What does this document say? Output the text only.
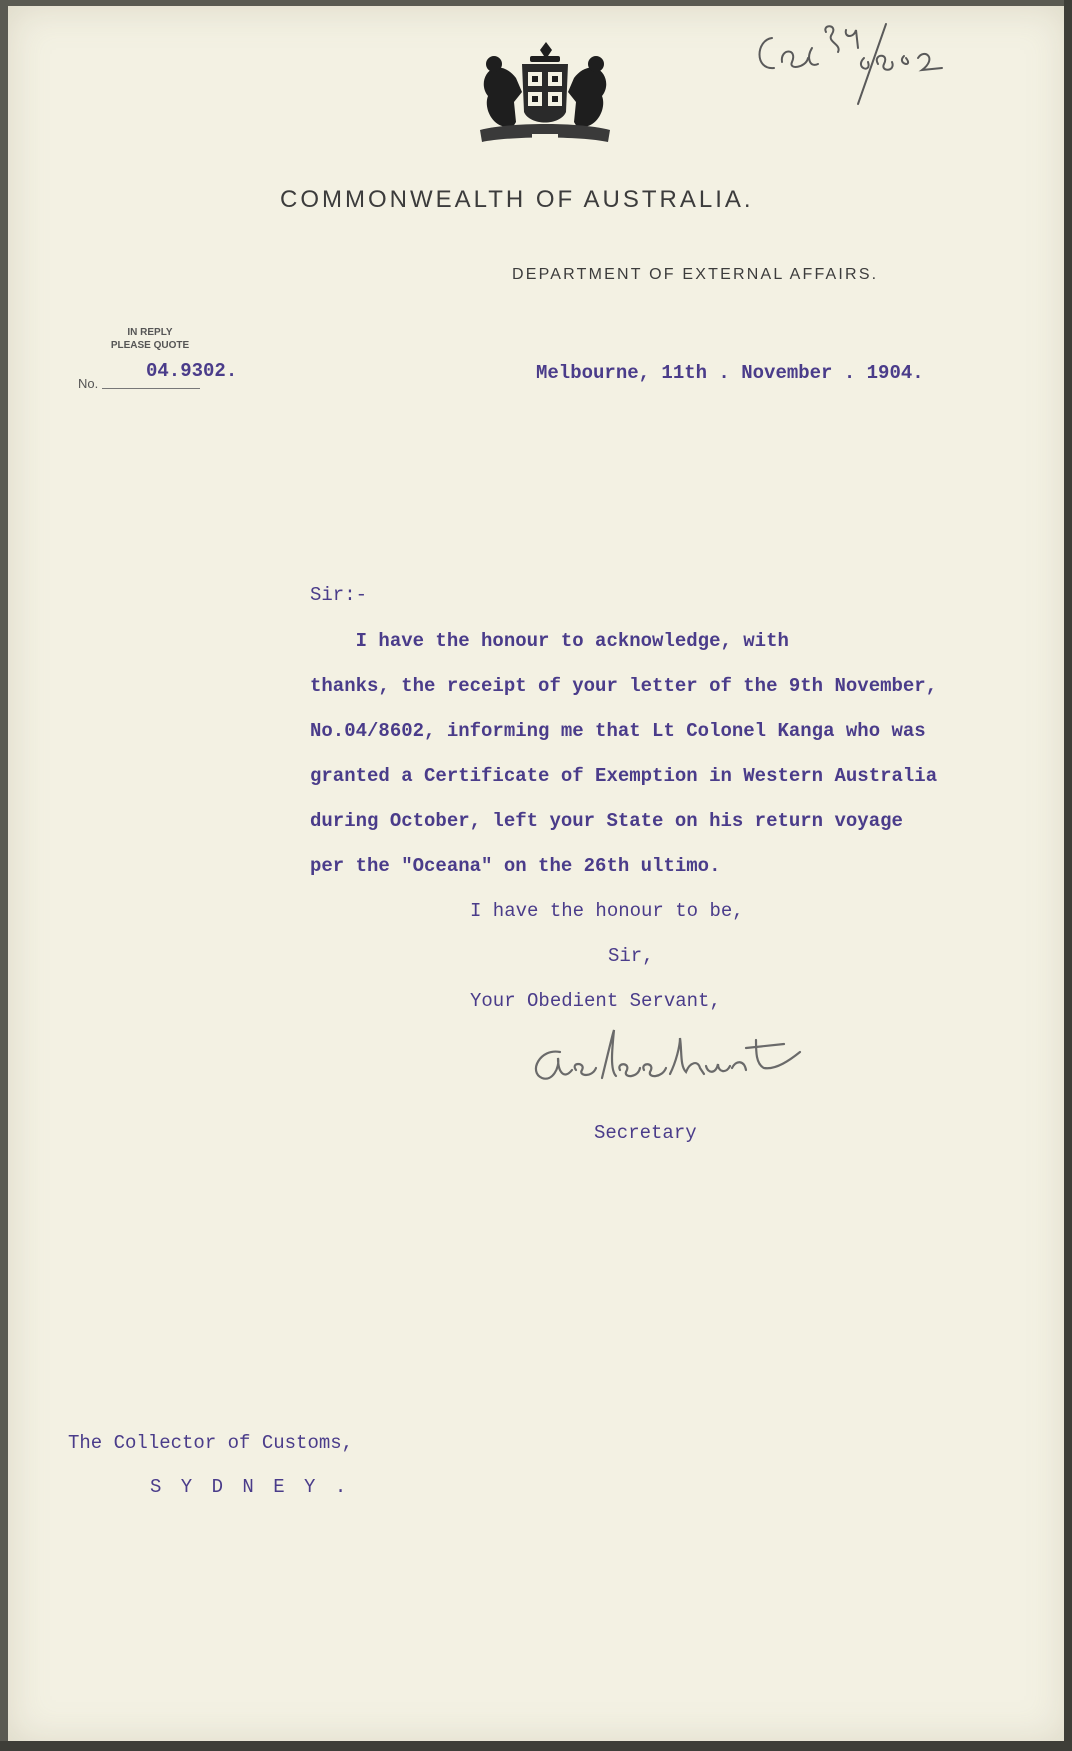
COMMONWEALTH OF AUSTRALIA.
DEPARTMENT OF EXTERNAL AFFAIRS.
IN REPLY
PLEASE QUOTE
No.
04.9302.	Melbourne, 11th . November . 1904.
Sir:-
I have the honour to acknowledge, with
thanks, the receipt of your letter of the 9th November,
No.04/8602, informing me that Lt Colonel Kanga who was
granted a Certificate of Exemption in Western Australia
during October, left your State on his return voyage
per the "Oceana" on the 26th ultimo.
I have the honour to be,
Sir,
Your Obedient Servant,
Secretary
The Collector of Customs,
S Y D N E Y .
